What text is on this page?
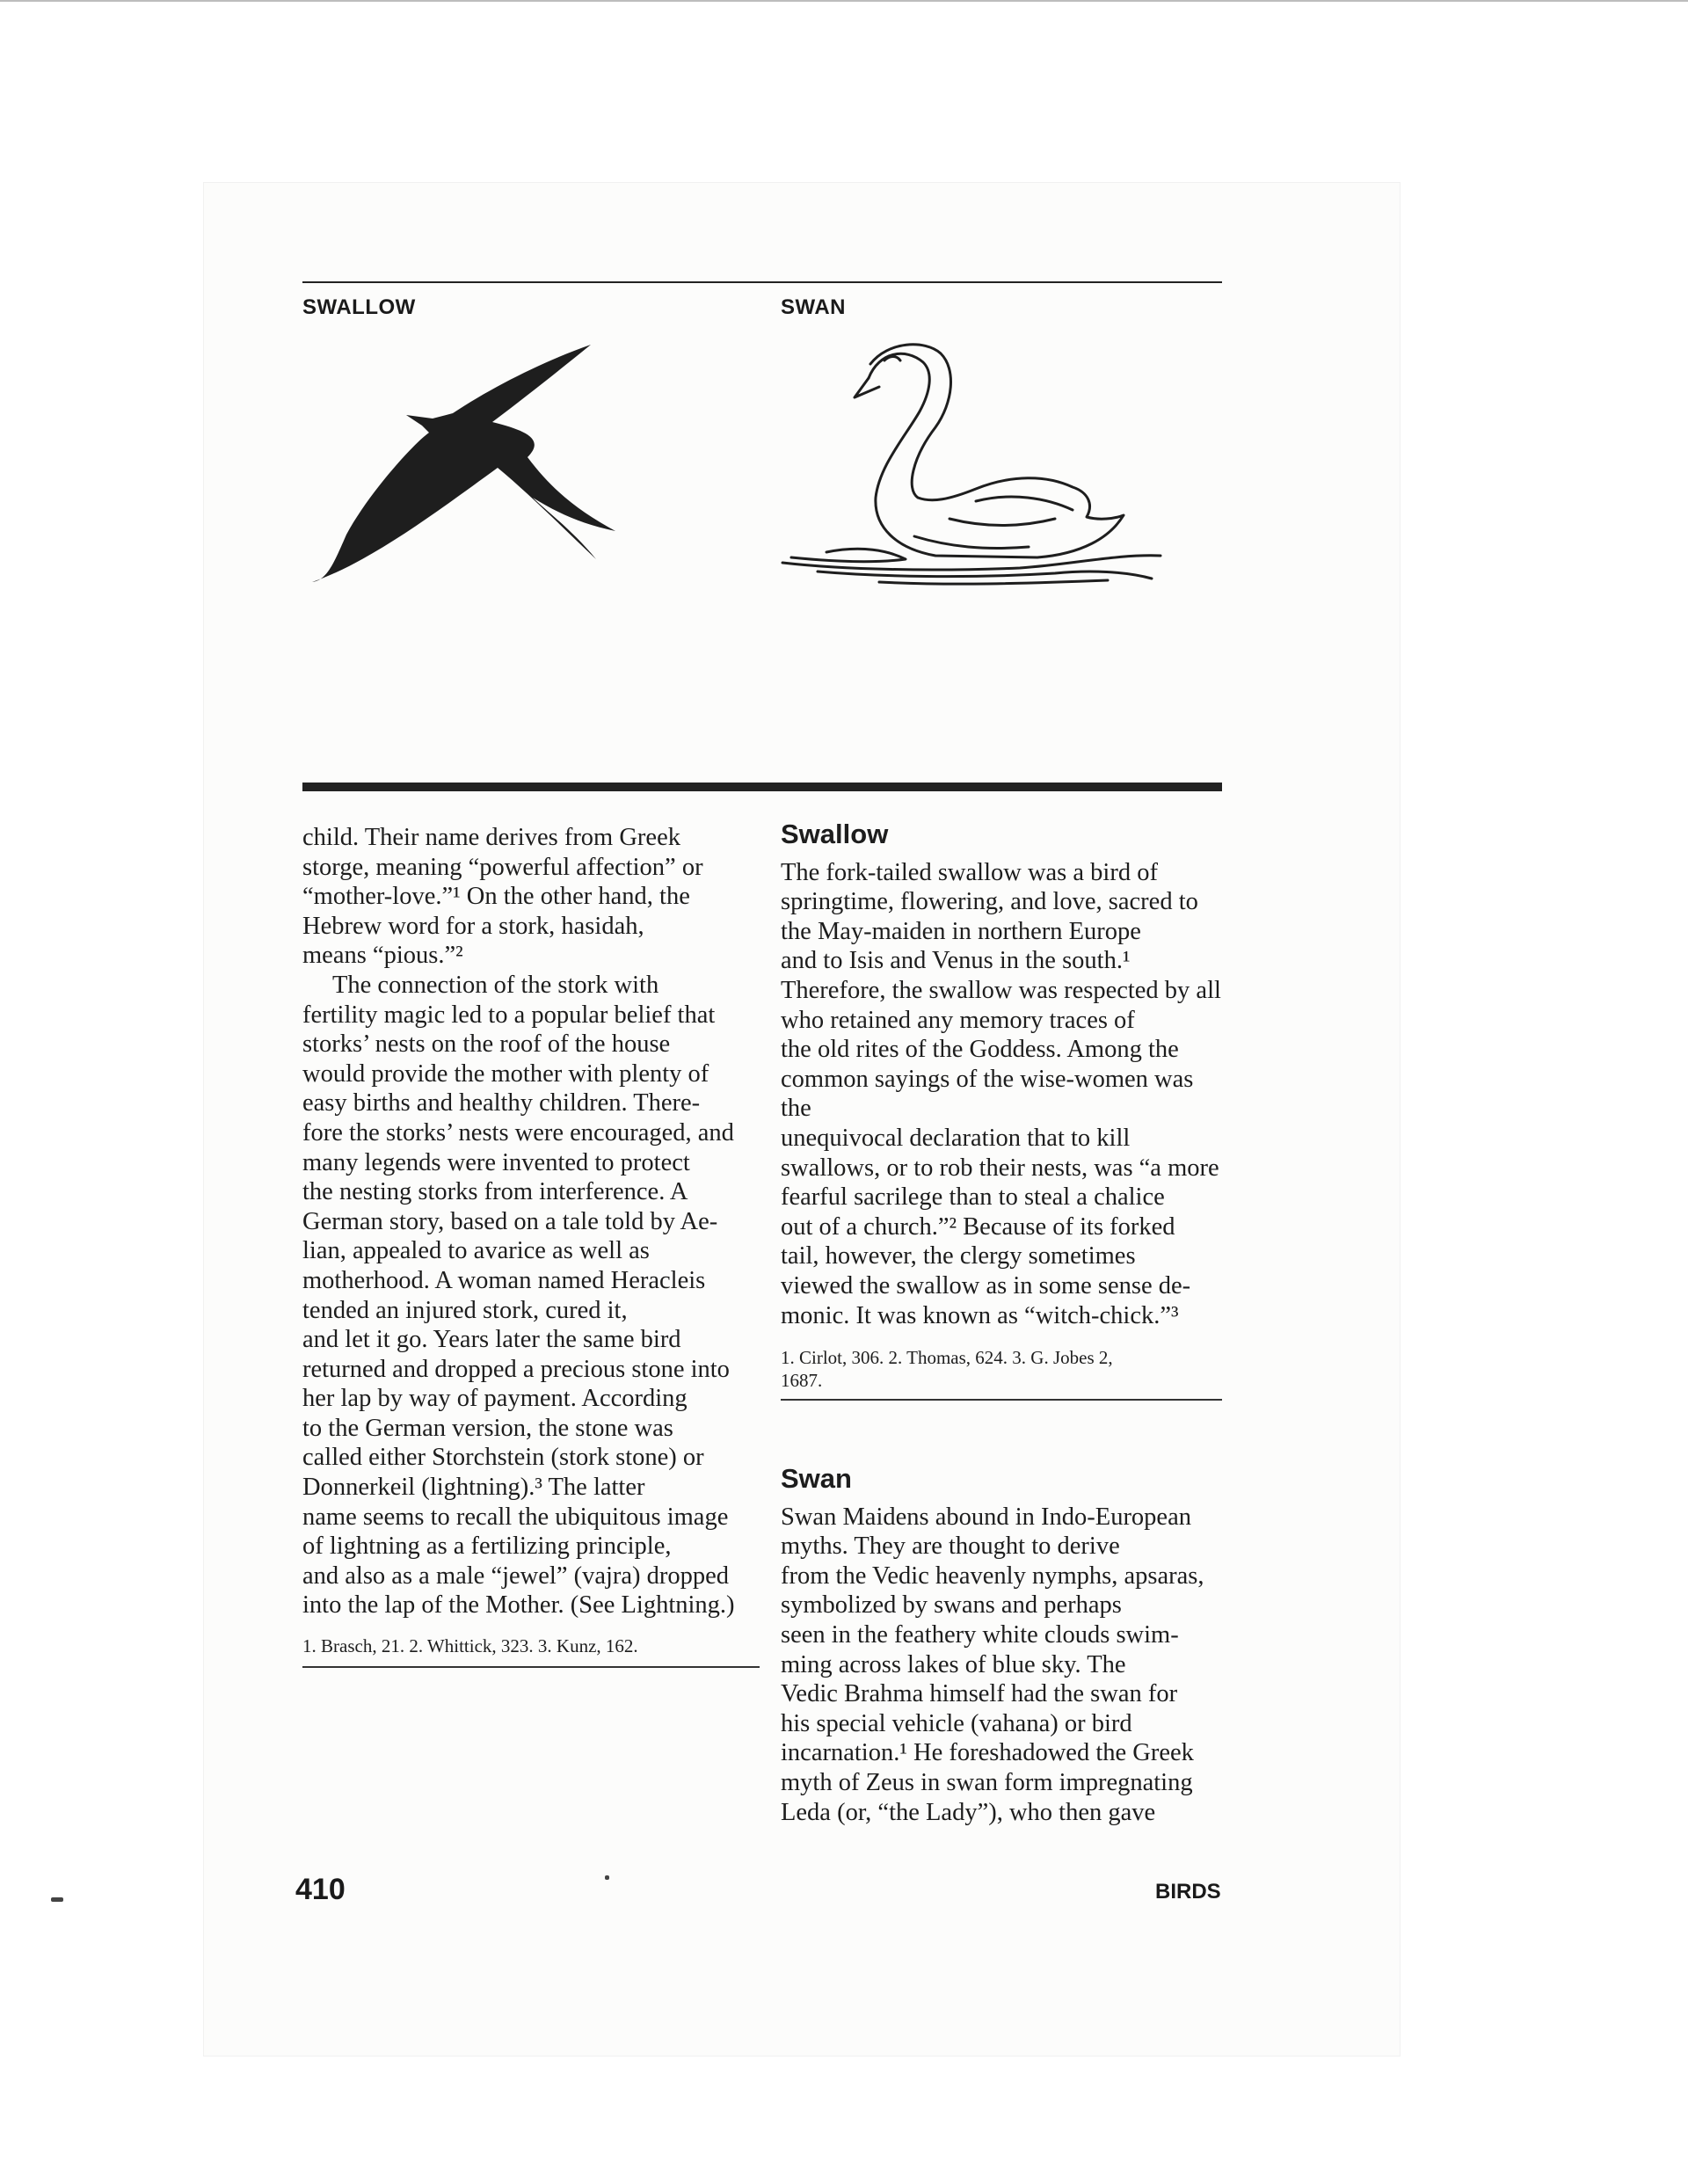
SWALLOW	SWAN

child. Their name derives from Greek
storge, meaning “powerful affection” or
“mother-love.”¹ On the other hand, the
Hebrew word for a stork, hasidah,
means “pious.”²

The connection of the stork with
fertility magic led to a popular belief that
storks’ nests on the roof of the house
would provide the mother with plenty of
easy births and healthy children. There-
fore the storks’ nests were encouraged, and
many legends were invented to protect
the nesting storks from interference. A
German story, based on a tale told by Ae-
lian, appealed to avarice as well as
motherhood. A woman named Heracleis
tended an injured stork, cured it,
and let it go. Years later the same bird
returned and dropped a precious stone into
her lap by way of payment. According
to the German version, the stone was
called either Storchstein (stork stone) or
Donnerkeil (lightning).³ The latter
name seems to recall the ubiquitous image
of lightning as a fertilizing principle,
and also as a male “jewel” (vajra) dropped
into the lap of the Mother. (See Lightning.)

1. Brasch, 21. 2. Whittick, 323. 3. Kunz, 162.
Swallow

The fork-tailed swallow was a bird of
springtime, flowering, and love, sacred to
the May-maiden in northern Europe
and to Isis and Venus in the south.¹
Therefore, the swallow was respected by all
who retained any memory traces of
the old rites of the Goddess. Among the
common sayings of the wise-women was the
unequivocal declaration that to kill
swallows, or to rob their nests, was “a more
fearful sacrilege than to steal a chalice
out of a church.”² Because of its forked
tail, however, the clergy sometimes
viewed the swallow as in some sense de-
monic. It was known as “witch-chick.”³

1. Cirlot, 306. 2. Thomas, 624. 3. G. Jobes 2,
1687.
Swan

Swan Maidens abound in Indo-European
myths. They are thought to derive
from the Vedic heavenly nymphs, apsaras,
symbolized by swans and perhaps
seen in the feathery white clouds swim-
ming across lakes of blue sky. The
Vedic Brahma himself had the swan for
his special vehicle (vahana) or bird
incarnation.¹ He foreshadowed the Greek
myth of Zeus in swan form impregnating
Leda (or, “the Lady”), who then gave

410	BIRDS
